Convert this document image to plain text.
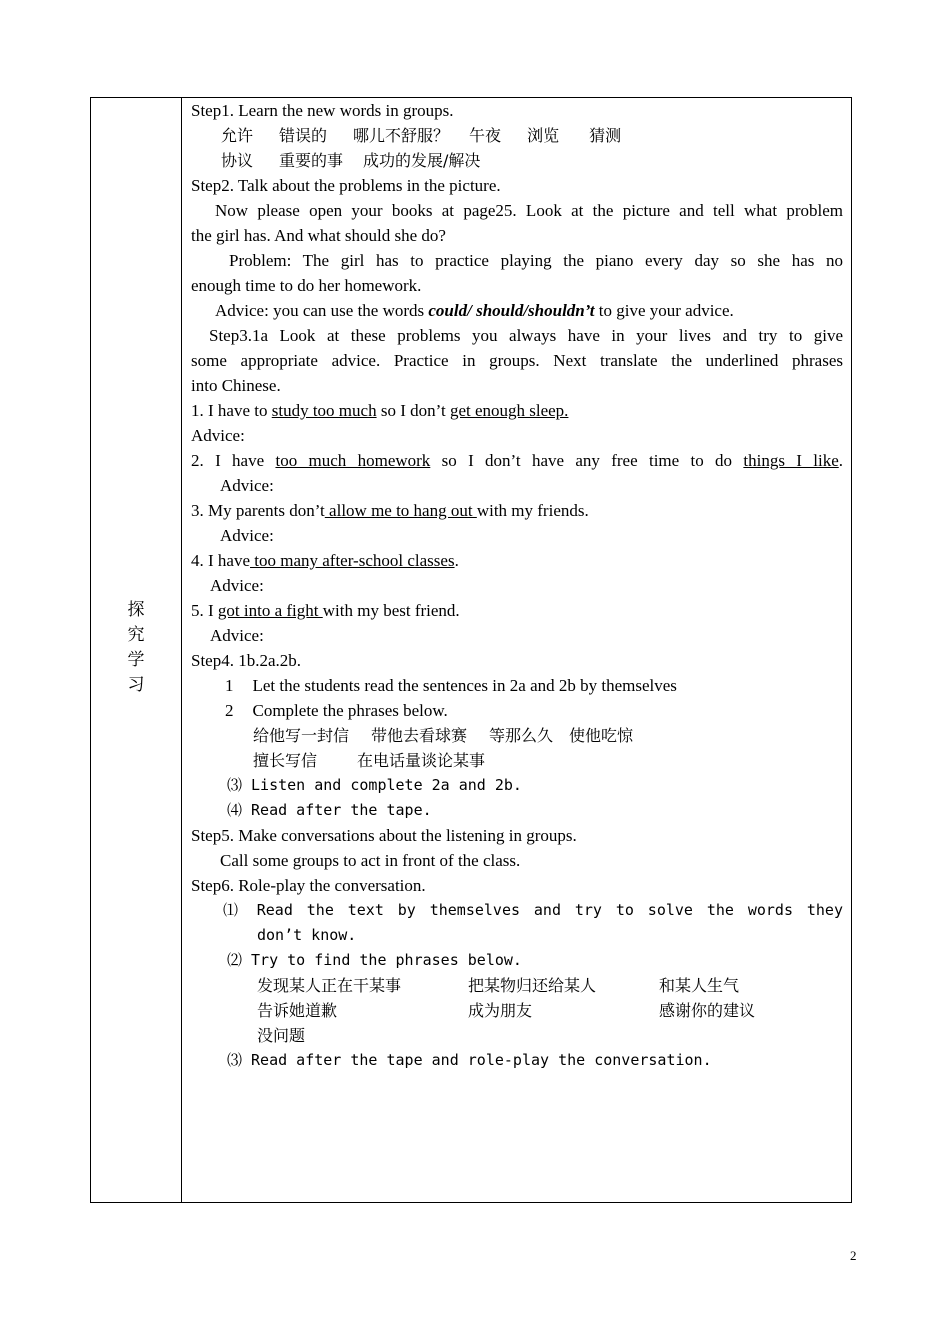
探
究
学
习
Step1. Learn the new words in groups.
允许 错误的 哪儿不舒服？ 午夜 浏览 猜测
协议 重要的事 成功的发展/解决
Step2. Talk about the problems in the picture.
Now please open your books at page25. Look at the picture and tell what problem
the girl has. And what should she do?
Problem: The girl has to practice playing the piano every day so she has no
enough time to do her homework.
Advice: you can use the words could/ should/shouldn’t to give your advice.
Step3.1a Look at these problems you always have in your lives and try to give
some appropriate advice. Practice in groups. Next translate the underlined phrases
into Chinese.
1. I have to study too much so I don’t get enough sleep.
Advice:
2. I have too much homework so I don’t have any free time to do things I like.
Advice:
3. My parents don’t allow me to hang out with my friends.
Advice:
4. I have too many after-school classes.
Advice:
5. I got into a fight with my best friend.
Advice:
Step4. 1b.2a.2b.
1 Let the students read the sentences in 2a and 2b by themselves
2 Complete the phrases below.
给他写一封信 带他去看球赛 等那么久 使他吃惊
擅长写信	在电话量谈论某事
⑶ Listen and complete 2a and 2b.
⑷ Read after the tape.
Step5. Make conversations about the listening in groups.
Call some groups to act in front of the class.
Step6. Role-play the conversation.
⑴ Read the text by themselves and try to solve the words they
don’t know.
⑵ Try to find the phrases below.
发现某人正在干某事	把某物归还给某人	和某人生气
告诉她道歉	成为朋友	感谢你的建议
没问题
⑶ Read after the tape and role-play the conversation.
2
